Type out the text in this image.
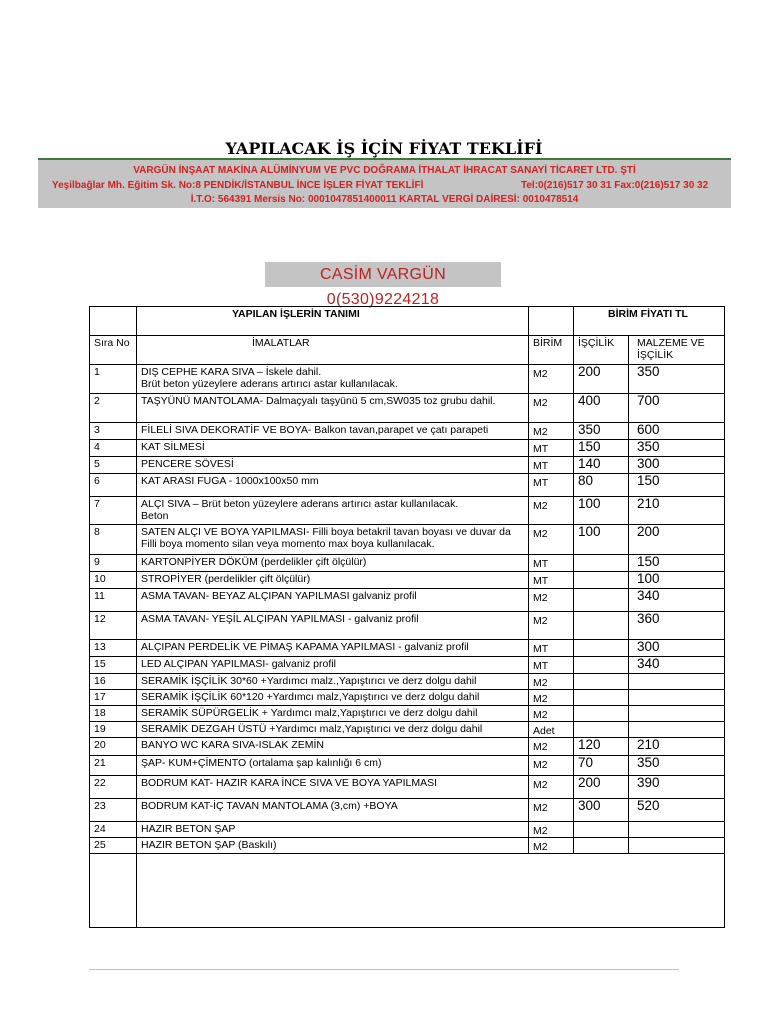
YAPILACAK İŞ İÇİN FİYAT TEKLİFİ
VARGÜN İNŞAAT MAKİNA ALÜMİNYUM VE PVC DOĞRAMA İTHALAT İHRACAT SANAYİ TİCARET LTD. ŞTİ
Yeşilbağlar Mh. Eğitim Sk. No:8 PENDİK/İSTANBUL İNCE İŞLER FİYAT TEKLİFİ	Tel:0(216)517 30 31 Fax:0(216)517 30 32
İ.T.O: 564391 Mersis No: 0001047851400011 KARTAL VERGİ DAİRESİ: 0010478514
CASİM VARGÜN 0(530)9224218
	YAPILAN İŞLERİN TANIMI		BİRİM FİYATI TL	
Sıra No	İMALATLAR	BİRİM	İŞÇİLİK	MALZEME VE İŞÇİLİK
1	DIŞ CEPHE KARA SIVA – İskele dahil.
Brüt beton yüzeylere aderans artırıcı astar kullanılacak.	M2	200	350
2	TAŞYÜNÜ MANTOLAMA- Dalmaçyalı taşyünü 5 cm,SW035 toz grubu dahil.	M2	400	700
3	FİLELİ SIVA DEKORATİF VE BOYA- Balkon tavan,parapet ve çatı parapeti	M2	350	600
4	KAT SİLMESİ	MT	150	350
5	PENCERE SÖVESİ	MT	140	300
6	KAT ARASI FUGA - 1000x100x50 mm	MT	80	150
7	ALÇI SIVA – Brüt beton yüzeylere aderans artırıcı astar kullanılacak.
Beton	M2	100	210
8	SATEN ALÇI VE BOYA YAPILMASI- Filli boya betakril tavan boyası ve duvar da Filli boya momento silan veya momento max boya kullanılacak.	M2	100	200
9	KARTONPİYER DÖKÜM (perdelikler çift ölçülür)	MT		150
10	STROPİYER (perdelikler çift ölçülür)	MT		100
11	ASMA TAVAN- BEYAZ ALÇIPAN YAPILMASI galvaniz profil	M2		340
12	ASMA TAVAN- YEŞİL ALÇIPAN YAPILMASI - galvaniz profil	M2		360
13	ALÇIPAN PERDELİK VE PİMAŞ KAPAMA YAPILMASI - galvaniz profil	MT		300
15	LED ALÇIPAN YAPILMASI- galvaniz profil	MT		340
16	SERAMİK İŞÇİLİK 30*60 +Yardımcı malz.,Yapıştırıcı ve derz dolgu dahil	M2		
17	SERAMİK İŞÇİLİK 60*120 +Yardımcı malz,Yapıştırıcı ve derz dolgu dahil	M2		
18	SERAMİK SÜPÜRGELİK + Yardımcı malz,Yapıştırıcı ve derz dolgu dahil	M2		
19	SERAMİK DEZGAH ÜSTÜ +Yardımcı malz,Yapıştırıcı ve derz dolgu dahil	Adet		
20	BANYO WC KARA SIVA-ISLAK ZEMİN	M2	120	210
21	ŞAP- KUM+ÇİMENTO (ortalama şap kalınlığı 6 cm)	M2	70	350
22	BODRUM KAT- HAZIR KARA İNCE SIVA VE BOYA YAPILMASI	M2	200	390
23	BODRUM KAT-İÇ TAVAN MANTOLAMA (3,cm) +BOYA	M2	300	520
24	HAZIR BETON ŞAP	M2		
25	HAZIR BETON ŞAP (Baskılı)	M2		
